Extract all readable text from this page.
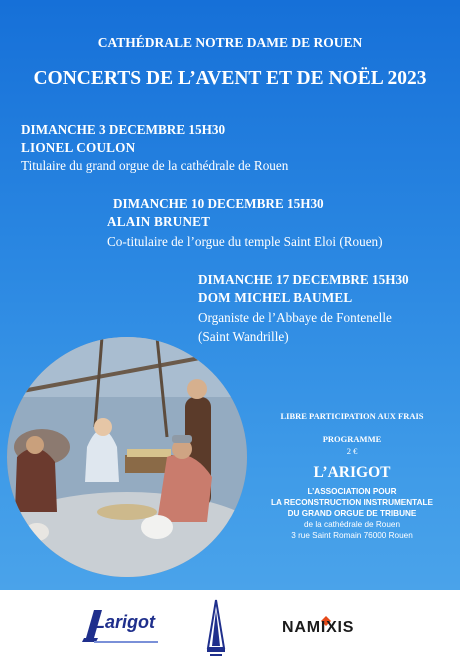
CATHÉDRALE NOTRE DAME DE ROUEN
CONCERTS DE L’AVENT ET DE NOËL 2023
DIMANCHE 3 DECEMBRE 15H30
LIONEL COULON
Titulaire du grand orgue de la cathédrale de Rouen
DIMANCHE 10 DECEMBRE 15H30
ALAIN BRUNET
Co-titulaire de l’orgue du temple Saint Eloi (Rouen)
DIMANCHE 17 DECEMBRE 15H30
DOM MICHEL BAUMEL
Organiste de l’Abbaye de Fontenelle
(Saint Wandrille)
LIBRE PARTICIPATION AUX FRAIS
PROGRAMME
2 €
L’ARIGOT
L’ASSOCIATION POUR
LA RECONSTRUCTION INSTRUMENTALE
DU GRAND ORGUE DE TRIBUNE
de la cathédrale de Rouen
3 rue Saint Romain 76000 Rouen
Larigot	NAMIXIS
